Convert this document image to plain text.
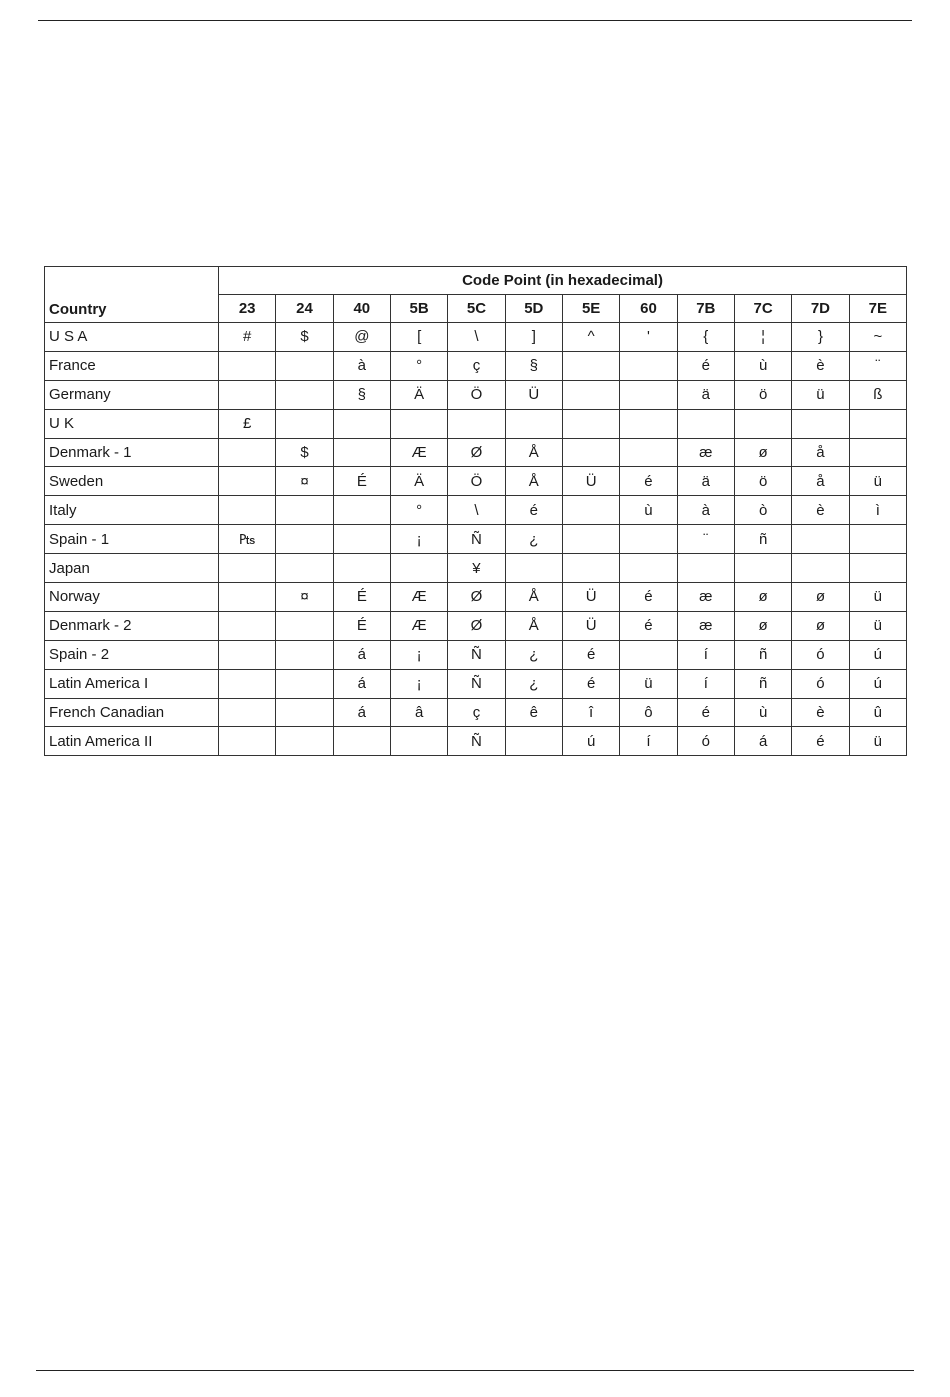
Country	Code Point (in hexadecimal)											
	23	24	40	5B	5C	5D	5E	60	7B	7C	7D	7E
U S A	#	$	@	[	\	]	^	'	{	¦	}	~
France			à	°	ç	§			é	ù	è	¨
Germany			§	Ä	Ö	Ü			ä	ö	ü	ß
U K	£											
Denmark - 1		$		Æ	Ø	Å			æ	ø	å	
Sweden		¤	É	Ä	Ö	Å	Ü	é	ä	ö	å	ü
Italy				°	\	é		ù	à	ò	è	ì
Spain - 1	₧			¡	Ñ	¿			¨	ñ		
Japan					¥							
Norway		¤	É	Æ	Ø	Å	Ü	é	æ	ø	ø	ü
Denmark - 2			É	Æ	Ø	Å	Ü	é	æ	ø	ø	ü
Spain - 2			á	¡	Ñ	¿	é		í	ñ	ó	ú
Latin America I			á	¡	Ñ	¿	é	ü	í	ñ	ó	ú
French Canadian			á	â	ç	ê	î	ô	é	ù	è	û
Latin America II					Ñ		ú	í	ó	á	é	ü
